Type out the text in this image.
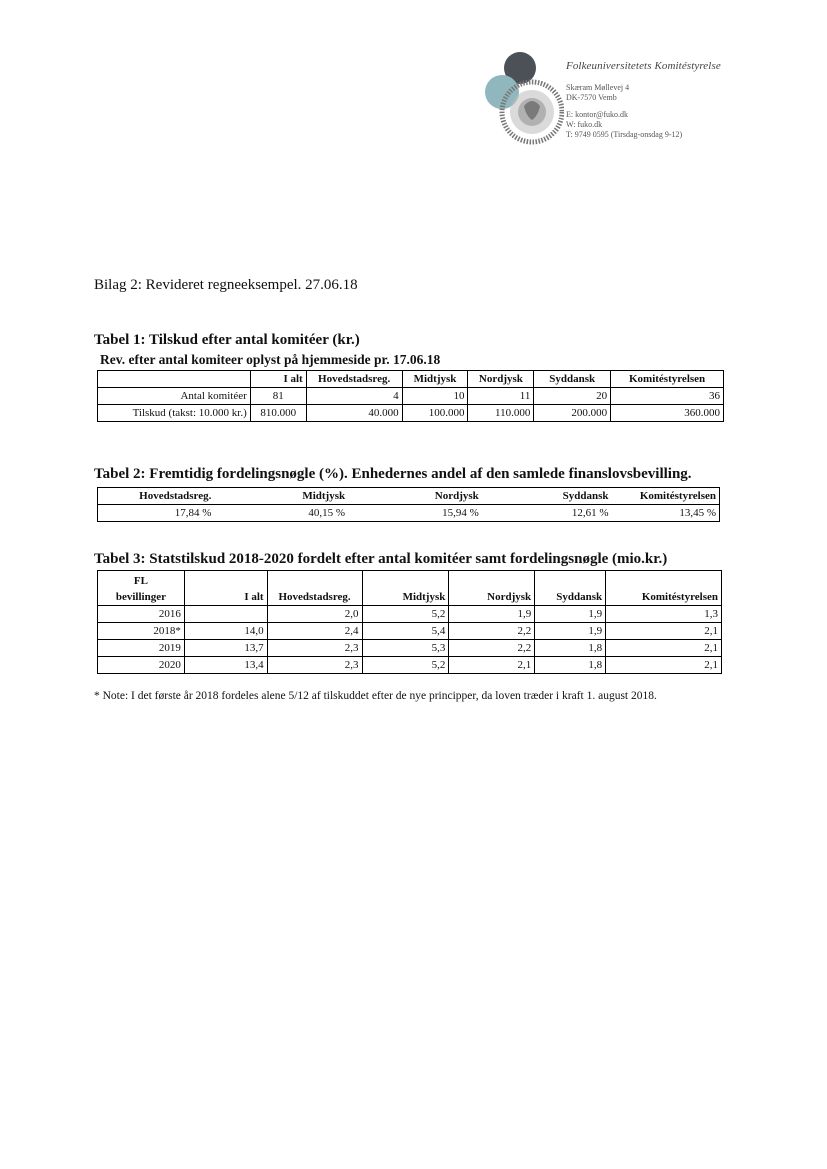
Folkeuniversitetets Komitéstyrelse
Skæram Møllevej 4
DK-7570 Vemb
E: kontor@fuko.dk
W: fuko.dk
T: 9749 0595 (Tirsdag-onsdag 9-12)
Bilag 2: Revideret regneeksempel. 27.06.18
Tabel 1: Tilskud efter antal komitéer (kr.)
Rev. efter antal komiteer oplyst på hjemmeside pr. 17.06.18
	I alt	Hovedstadsreg.	Midtjysk	Nordjysk	Syddansk	Komitéstyrelsen
Antal komitéer	81	4	10	11	20	36
Tilskud (takst: 10.000 kr.)	810.000	40.000	100.000	110.000	200.000	360.000
Tabel 2: Fremtidig fordelingsnøgle (%). Enhedernes andel af den samlede finanslovsbevilling.
Hovedstadsreg.	Midtjysk	Nordjysk	Syddansk	Komitéstyrelsen
17,84 %	40,15 %	15,94 %	12,61 %	13,45 %
Tabel 3: Statstilskud 2018-2020 fordelt efter antal komitéer samt fordelingsnøgle (mio.kr.)
FL
bevillinger	I alt	Hovedstadsreg.	Midtjysk	Nordjysk	Syddansk	Komitéstyrelsen
2016		2,0	5,2	1,9	1,9	1,3
2018*	14,0	2,4	5,4	2,2	1,9	2,1
2019	13,7	2,3	5,3	2,2	1,8	2,1
2020	13,4	2,3	5,2	2,1	1,8	2,1
* Note: I det første år 2018 fordeles alene 5/12 af tilskuddet efter de nye principper, da loven træder i kraft 1. august 2018.
